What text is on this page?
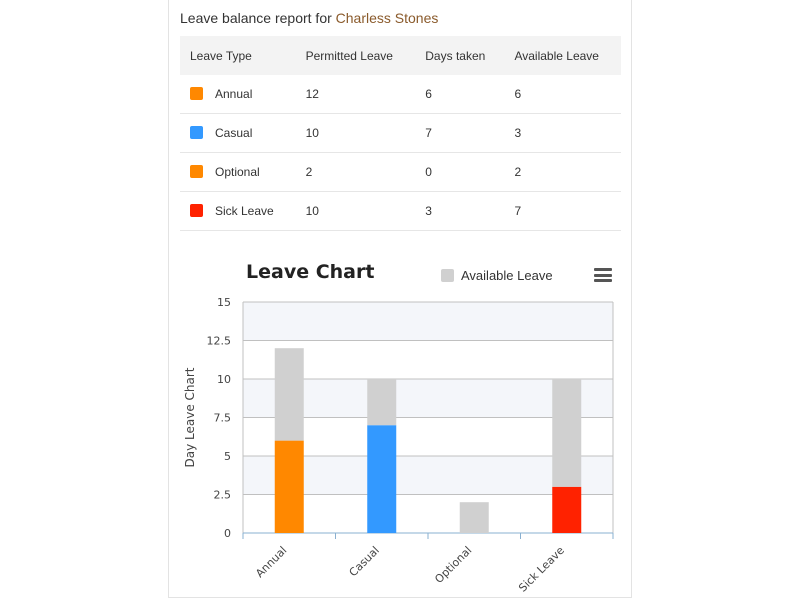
Leave balance report for Charless Stones
Leave Type	Permitted Leave	Days taken	Available Leave
Annual	12	6	6
Casual	10	7	3
Optional	2	0	2
Sick Leave	10	3	7
Leave Chart	Available Leave
0
2.5
5
7.5
10
12.5
15
Day Leave Chart
Annual	Casual	Optional	Sick Leave
